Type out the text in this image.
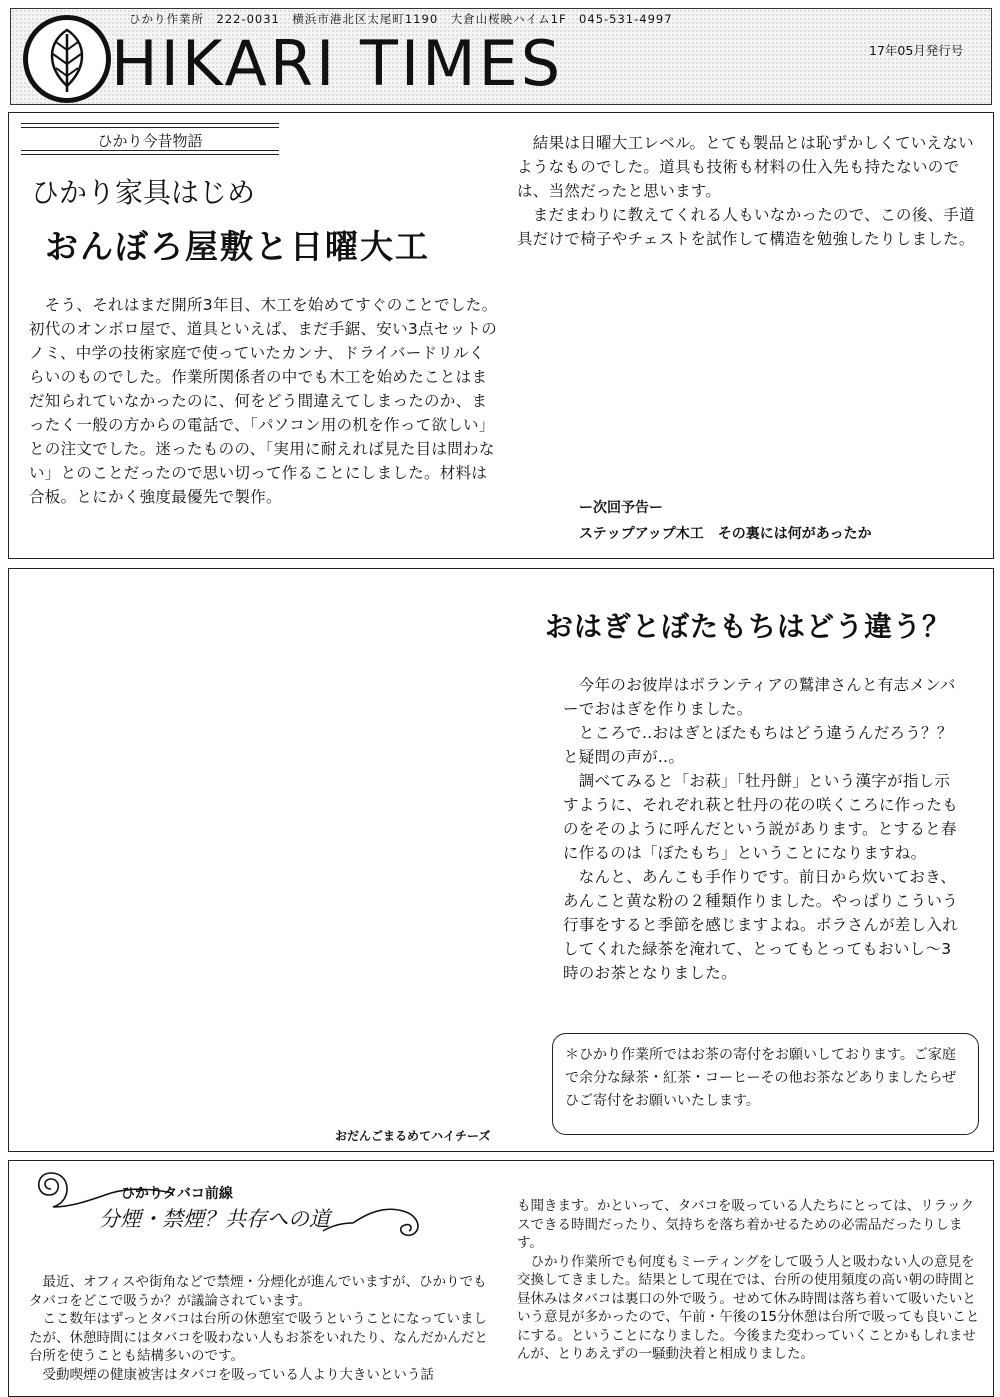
ひかり作業所　222-0031　横浜市港北区太尾町1190　大倉山桜映ハイム1F　045-531-4997
HIKARI TIMES	17年05月発行号
ひかり今昔物語
ひかり家具はじめ
おんぼろ屋敷と日曜大工

　そう、それはまだ開所3年目、木工を始めてすぐのことでした。初代のオンボロ屋で、道具といえば、まだ手鋸、安い3点セットのノミ、中学の技術家庭で使っていたカンナ、ドライバードリルくらいのものでした。作業所関係者の中でも木工を始めたことはまだ知られていなかったのに、何をどう間違えてしまったのか、まったく一般の方からの電話で、「パソコン用の机を作って欲しい」との注文でした。迷ったものの、「実用に耐えれば見た目は問わない」とのことだったので思い切って作ることにしました。材料は合板。とにかく強度最優先で製作。

　結果は日曜大工レベル。とても製品とは恥ずかしくていえないようなものでした。道具も技術も材料の仕入先も持たないのでは、当然だったと思います。

　まだまわりに教えてくれる人もいなかったので、この後、手道具だけで椅子やチェストを試作して構造を勉強したりしました。

ー次回予告ー
ステップアップ木工　その裏には何があったか
おはぎとぼたもちはどう違う？

　今年のお彼岸はボランティアの鷲津さんと有志メンバーでおはぎを作りました。

　ところで‥おはぎとぼたもちはどう違うんだろう？？と疑問の声が‥。

　調べてみると「お萩」「牡丹餅」という漢字が指し示すように、それぞれ萩と牡丹の花の咲くころに作ったものをそのように呼んだという説があります。とすると春に作るのは「ぼたもち」ということになりますね。

　なんと、あんこも手作りです。前日から炊いておき、あんこと黄な粉の２種類作りました。やっぱりこういう行事をすると季節を感じますよね。ボラさんが差し入れしてくれた緑茶を淹れて、とってもとってもおいし～3時のお茶となりました。

＊ひかり作業所ではお茶の寄付をお願いしております。ご家庭で余分な緑茶・紅茶・コーヒーその他お茶などありましたらぜひご寄付をお願いいたします。
おだんごまるめてハイチーズ
ひかりタバコ前線
分煙・禁煙？共存への道

　最近、オフィスや街角などで禁煙・分煙化が進んでいますが、ひかりでもタバコをどこで吸うか？が議論されています。

　ここ数年はずっとタバコは台所の休憩室で吸うということになっていましたが、休憩時間にはタバコを吸わない人もお茶をいれたり、なんだかんだと台所を使うことも結構多いのです。

　受動喫煙の健康被害はタバコを吸っている人より大きいという話

も聞きます。かといって、タバコを吸っている人たちにとっては、リラックスできる時間だったり、気持ちを落ち着かせるための必需品だったりします。

　ひかり作業所でも何度もミーティングをして吸う人と吸わない人の意見を交換してきました。結果として現在では、台所の使用頻度の高い朝の時間と昼休みはタバコは裏口の外で吸う。せめて休み時間は落ち着いて吸いたいという意見が多かったので、午前・午後の15分休憩は台所で吸っても良いことにする。ということになりました。今後また変わっていくことかもしれませんが、とりあえずの一騒動決着と相成りました。
